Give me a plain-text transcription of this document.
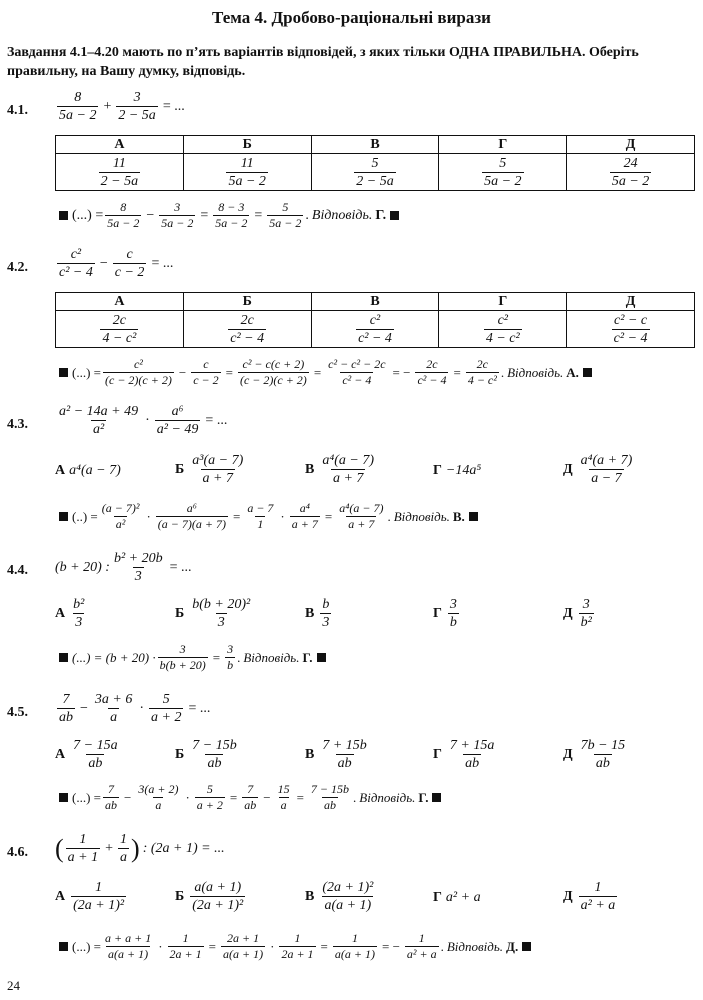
Тема 4. Дробово-раціональні вирази
Завдання 4.1–4.20 мають по п’ять варіантів відповідей, з яких тільки ОДНА ПРАВИЛЬНА. Оберіть правильну, на Вашу думку, відповідь.
4.1. $\frac{8}{5a - 2} + \frac{3}{2 - 5a}$ = ...
А	Б	В	Г	Д

$\frac{11}{2 - 5a}$	$\frac{11}{5a - 2}$	$\frac{5}{2 - 5a}$	$\frac{5}{5a - 2}$	$\frac{24}{5a - 2}$
(...) = $\frac{8}{5a - 2} - \frac{3}{5a - 2} = \frac{8 - 3}{5a - 2} = \frac{5}{5a - 2}$ . Відповідь. Г.
4.2. $\frac{\text{c²}}{\text{c² − 4}} - \frac{c}{c - 2}$ = ...
А	Б	В	Г	Д

$\frac{2c}{\text{4 − c²}}$	$\frac{2c}{\text{c² − 4}}$	$\frac{\text{c²}}{\text{c² − 4}}$	$\frac{\text{c²}}{\text{4 − c²}}$	$\frac{\text{c² − c}}{\text{c² − 4}}$
(...) = $\frac{\text{c²}}{(c - 2)(c + 2)} - \frac{c}{c - 2} = \frac{\text{c² − c(c + 2)}}{(c - 2)(c + 2)} = \frac{\text{c² − c² − 2c}}{\text{c² − 4}}$ = − $\frac{2c}{\text{c² − 4}} = \frac{2c}{\text{4 − c²}}$ . Відповідь. А.
4.3. $\frac{\text{a² − 14a + 49}}{\text{a²}} \cdot \frac{\text{a⁶}}{\text{a² − 49}}$ = ...
А a⁴(a − 7)	Б $\frac{\text{a³(a − 7)}}{a + 7}$	В $\frac{\text{a⁴(a − 7)}}{a + 7}$	Г −14a⁵	Д $\frac{\text{a⁴(a + 7)}}{a - 7}$
(..) = $\frac{\text{(a − 7)²}}{\text{a²}} \cdot \frac{\text{a⁶}}{(a - 7)(a + 7)} = \frac{a - 7}{1} \cdot \frac{\text{a⁴}}{a + 7} = \frac{\text{a⁴(a − 7)}}{a + 7}$ . Відповідь. В.
4.4. (b + 20) : $\frac{\text{b² + 20b}}{3}$ = ...
А $\frac{\text{b²}}{3}$	Б $\frac{\text{b(b + 20)²}}{3}$	В $\frac{b}{3}$	Г $\frac{3}{b}$	Д $\frac{3}{\text{b²}}$
(...) = $(b + 20) \cdot \frac{3}{b(b + 20)} = \frac{3}{b}$ . Відповідь. Г.
4.5. $\frac{7}{ab} - \frac{3a + 6}{a} \cdot \frac{5}{a + 2}$ = ...
А $\frac{7 - 15a}{ab}$	Б $\frac{7 - 15b}{ab}$	В $\frac{7 + 15b}{ab}$	Г $\frac{7 + 15a}{ab}$	Д $\frac{7b - 15}{ab}$
(...) = $\frac{7}{ab} - \frac{3(a + 2)}{a} \cdot \frac{5}{a + 2} = \frac{7}{ab} - \frac{15}{a} = \frac{7 - 15b}{ab}$ . Відповідь. Г.
4.6. ( $\frac{1}{a + 1} + \frac{1}{a}$ ) : (2a + 1) = ...
А $\frac{1}{\text{(2a + 1)²}}$	Б $\frac{a(a + 1)}{\text{(2a + 1)²}}$	В $\frac{\text{(2a + 1)²}}{a(a + 1)}$	Г a² + a	Д $\frac{1}{\text{a² + a}}$
(...) = $\frac{a + a + 1}{a(a + 1)} \cdot \frac{1}{2a + 1} = \frac{2a + 1}{a(a + 1)} \cdot \frac{1}{2a + 1} = \frac{1}{a(a + 1)}$ = − $\frac{1}{\text{a² + a}}$ . Відповідь. Д.
24
